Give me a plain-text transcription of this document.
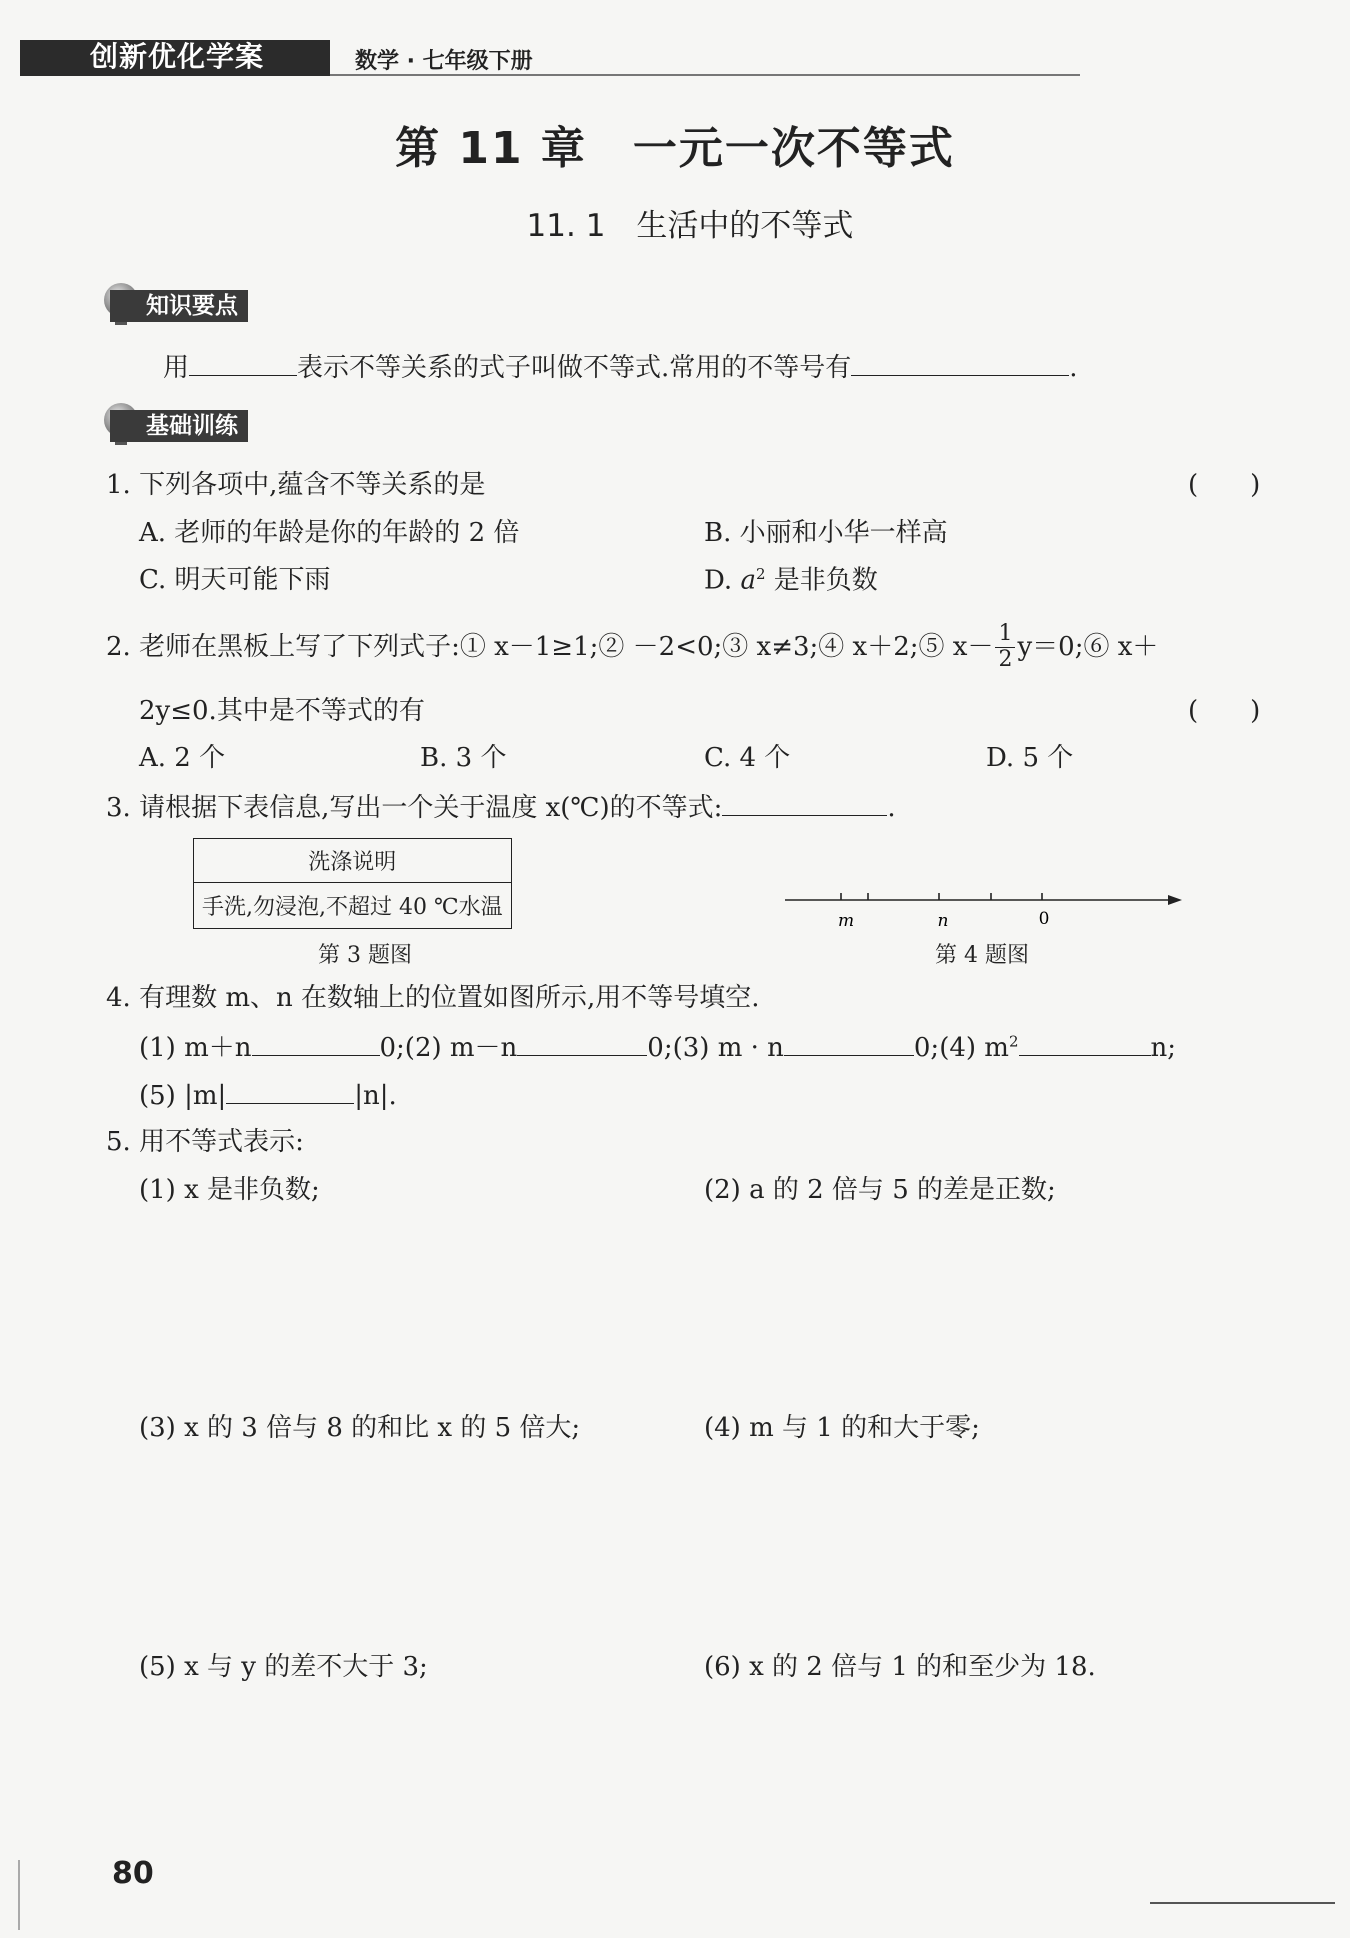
创新优化学案	数学 · 七年级下册
第 11 章　一元一次不等式
11. 1　生活中的不等式
知识要点
用	表示不等关系的式子叫做不等式.常用的不等号有	.
基础训练
1. 下列各项中,蕴含不等关系的是	(　　)
A. 老师的年龄是你的年龄的 2 倍	B. 小丽和小华一样高
C. 明天可能下雨	D. $a^2$ 是非负数
2. 老师在黑板上写了下列式子:① x－1≥1;② －2<0;③ x≠3;④ x＋2;⑤ $x- \frac{1}{2}$ y＝0;⑥ x＋
2y≤0.其中是不等式的有	(　　)
A. 2 个	B. 3 个	C. 4 个	D. 5 个
3. 请根据下表信息,写出一个关于温度 x(℃)的不等式:	.
洗涤说明
手洗,勿浸泡,不超过 40 ℃水温
第 3 题图
m	n	0
第 4 题图
4. 有理数 m、n 在数轴上的位置如图所示,用不等号填空.
(1) m＋n	0;(2) m－n	0;(3) m · n	0;(4) $m^2$	n;
(5) |m|	|n|.
5. 用不等式表示:
(1) x 是非负数;	(2) a 的 2 倍与 5 的差是正数;
(3) x 的 3 倍与 8 的和比 x 的 5 倍大;	(4) m 与 1 的和大于零;
(5) x 与 y 的差不大于 3;	(6) x 的 2 倍与 1 的和至少为 18.
80
